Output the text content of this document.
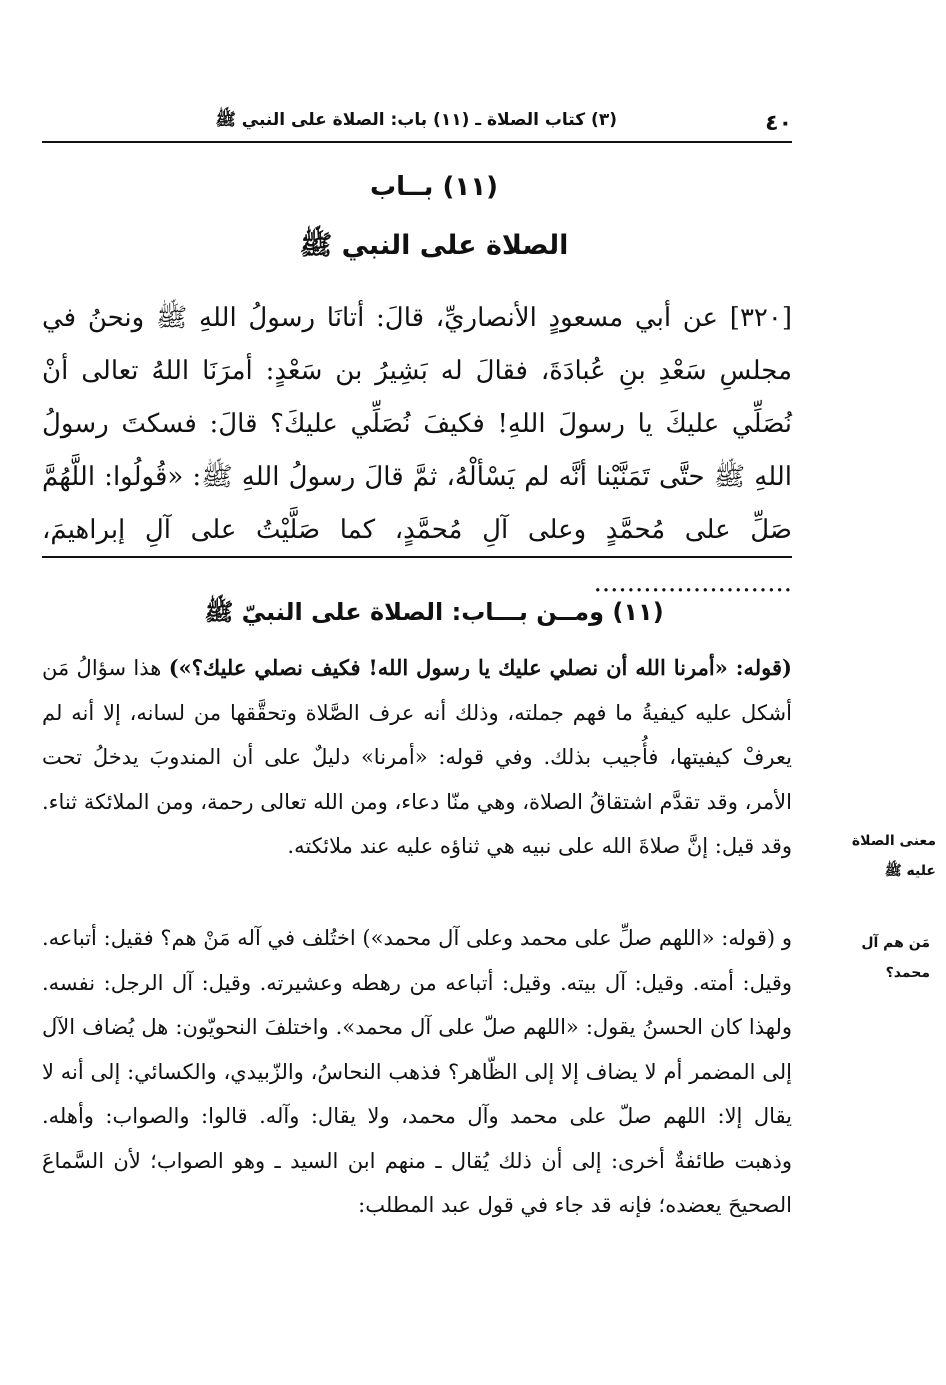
٤٠
(٣) كتاب الصلاة ـ (١١) باب: الصلاة على النبي ﷺ
(١١) بــاب
الصلاة على النبي ﷺ

[٣٢٠] عن أبي مسعودٍ الأنصاريِّ، قالَ: أتانَا رسولُ اللهِ ﷺ ونحنُ في مجلسِ سَعْدِ بنِ عُبادَةَ، فقالَ له بَشِيرُ بن سَعْدٍ: أمرَنَا اللهُ تعالى أنْ نُصَلِّي عليكَ يا رسولَ اللهِ! فكيفَ نُصَلِّي عليكَ؟ قالَ: فسكتَ رسولُ اللهِ ﷺ حتَّى تَمَنَّيْنا أنَّه لم يَسْألْهُ، ثمَّ قالَ رسولُ اللهِ ﷺ: «قُولُوا: اللَّهُمَّ صَلِّ على مُحمَّدٍ وعلى آلِ مُحمَّدٍ، كما صَلَّيْتُ على آلِ إبراهيمَ، ........................

(١١) ومــن بـــاب: الصلاة على النبيّ ﷺ

(قوله: «أمرنا الله أن نصلي عليك يا رسول الله! فكيف نصلي عليك؟») هذا سؤالُ مَن أشكل عليه كيفيةُ ما فهم جملته، وذلك أنه عرف الصَّلاة وتحقَّقها من لسانه، إلا أنه لم يعرفْ كيفيتها، فأُجيب بذلك. وفي قوله: «أمرنا» دليلٌ على أن المندوبَ يدخلُ تحت الأمر، وقد تقدَّم اشتقاقُ الصلاة، وهي منّا دعاء، ومن الله تعالى رحمة، ومن الملائكة ثناء. وقد قيل: إنَّ صلاةَ الله على نبيه هي ثناؤه عليه عند ملائكته.

و (قوله: «اللهم صلِّ على محمد وعلى آل محمد») اختُلف في آله مَنْ هم؟ فقيل: أتباعه. وقيل: أمته. وقيل: آل بيته. وقيل: أتباعه من رهطه وعشيرته. وقيل: آل الرجل: نفسه. ولهذا كان الحسنُ يقول: «اللهم صلّ على آل محمد». واختلفَ النحويّون: هل يُضاف الآل إلى المضمر أم لا يضاف إلا إلى الظّاهر؟ فذهب النحاسُ، والزّبيدي، والكسائي: إلى أنه لا يقال إلا: اللهم صلّ على محمد وآل محمد، ولا يقال: وآله. قالوا: والصواب: وأهله. وذهبت طائفةٌ أخرى: إلى أن ذلك يُقال ـ منهم ابن السيد ـ وهو الصواب؛ لأن السَّماعَ الصحيحَ يعضده؛ فإنه قد جاء في قول عبد المطلب:

معنى الصلاة
عليه ﷺ
مَن هم آل
محمد؟
